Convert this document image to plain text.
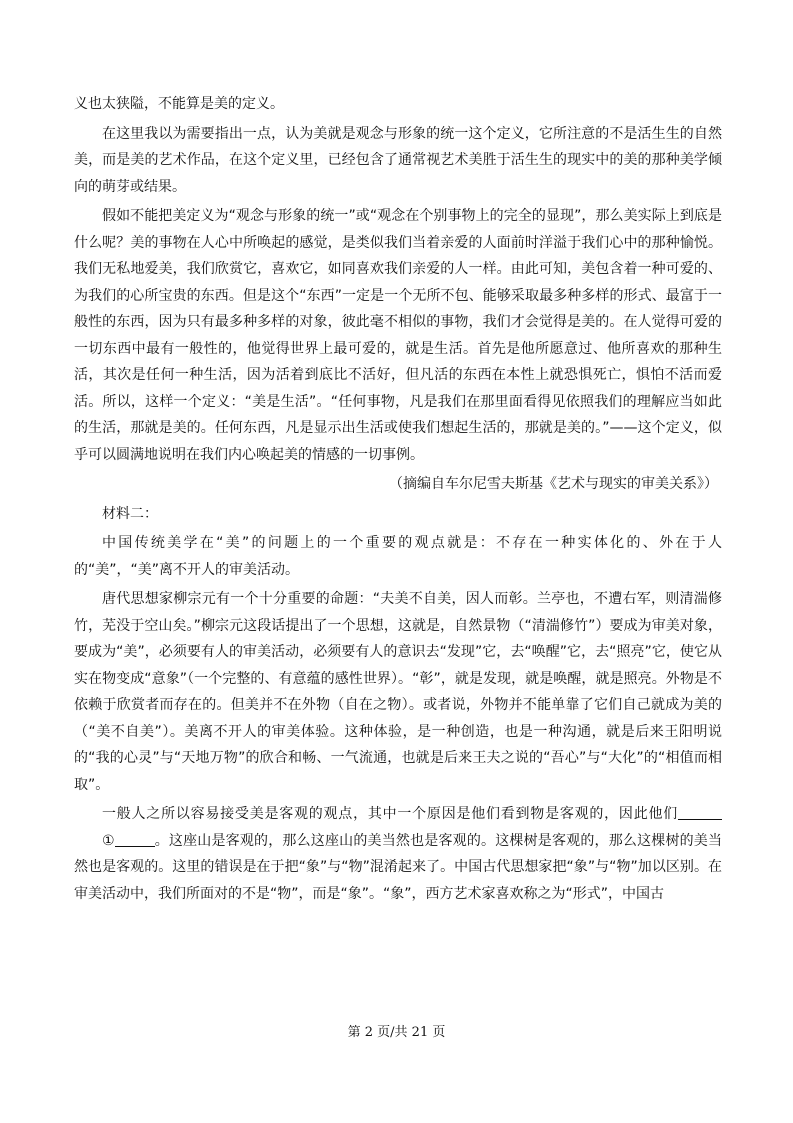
义也太狭隘，不能算是美的定义。

在这里我以为需要指出一点，认为美就是观念与形象的统一这个定义，它所注意的不是活生生的自然美，而是美的艺术作品，在这个定义里，已经包含了通常视艺术美胜于活生生的现实中的美的那种美学倾向的萌芽或结果。

假如不能把美定义为“观念与形象的统一”或“观念在个别事物上的完全的显现”，那么美实际上到底是什么呢？美的事物在人心中所唤起的感觉，是类似我们当着亲爱的人面前时洋溢于我们心中的那种愉悦。我们无私地爱美，我们欣赏它，喜欢它，如同喜欢我们亲爱的人一样。由此可知，美包含着一种可爱的、为我们的心所宝贵的东西。但是这个“东西”一定是一个无所不包、能够采取最多种多样的形式、最富于一般性的东西，因为只有最多种多样的对象，彼此毫不相似的事物，我们才会觉得是美的。在人觉得可爱的一切东西中最有一般性的，他觉得世界上最可爱的，就是生活。首先是他所愿意过、他所喜欢的那种生活，其次是任何一种生活，因为活着到底比不活好，但凡活的东西在本性上就恐惧死亡，惧怕不活而爱活。所以，这样一个定义：“美是生活”。“任何事物，凡是我们在那里面看得见依照我们的理解应当如此的生活，那就是美的。任何东西，凡是显示出生活或使我们想起生活的，那就是美的。”——这个定义，似乎可以圆满地说明在我们内心唤起美的情感的一切事例。

（摘编自车尔尼雪夫斯基《艺术与现实的审美关系》）

材料二：

中国传统美学在“美”的问题上的一个重要的观点就是：不存在一种实体化的、外在于人的“美”，“美”离不开人的审美活动。

唐代思想家柳宗元有一个十分重要的命题：“夫美不自美，因人而彰。兰亭也，不遭右军，则清湍修竹，芜没于空山矣。”柳宗元这段话提出了一个思想，这就是，自然景物（“清湍修竹”）要成为审美对象，要成为“美”，必须要有人的审美活动，必须要有人的意识去“发现”它，去“唤醒”它，去“照亮”它，使它从实在物变成“意象”（一个完整的、有意蕴的感性世界）。“彰”，就是发现，就是唤醒，就是照亮。外物是不依赖于欣赏者而存在的。但美并不在外物（自在之物）。或者说，外物并不能单靠了它们自己就成为美的（“美不自美”）。美离不开人的审美体验。这种体验，是一种创造，也是一种沟通，就是后来王阳明说的“我的心灵”与“天地万物”的欣合和畅、一气流通，也就是后来王夫之说的“吾心”与“大化”的“相值而相取”。

一般人之所以容易接受美是客观的观点，其中一个原因是他们看到物是客观的，因此他们①	。这座山是客观的，那么这座山的美当然也是客观的。这棵树是客观的，那么这棵树的美当然也是客观的。这里的错误是在于把“象”与“物”混淆起来了。中国古代思想家把“象”与“物”加以区别。在审美活动中，我们所面对的不是“物”，而是“象”。“象”，西方艺术家喜欢称之为“形式”，中国古

第 2 页/共 21 页
